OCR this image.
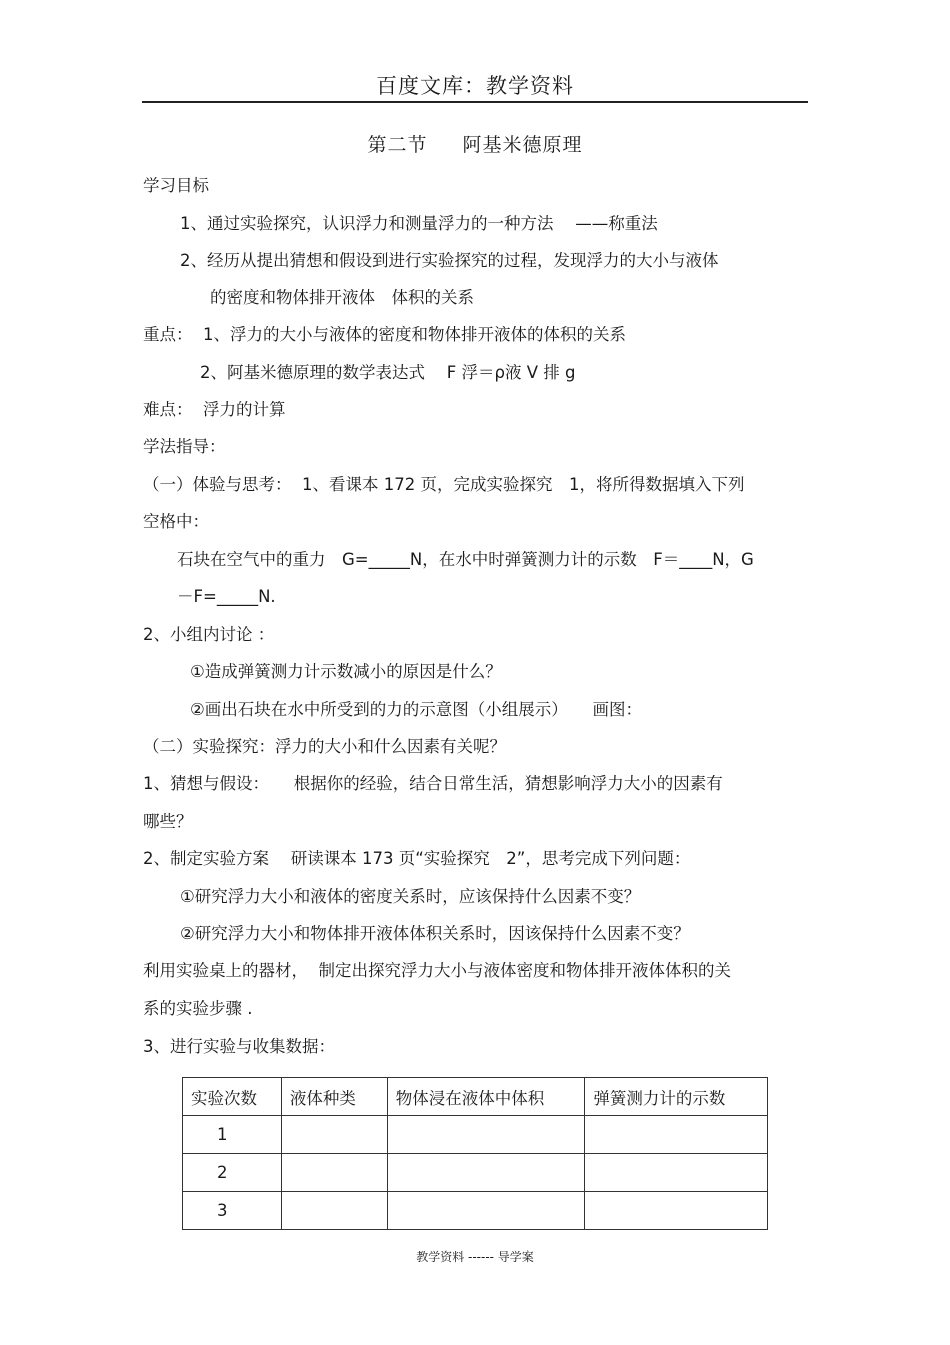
百度文库：教学资料
第二节 阿基米德原理
学习目标
1、通过实验探究，认识浮力和测量浮力的一种方法　 ——称重法
2、经历从提出猜想和假设到进行实验探究的过程，发现浮力的大小与液体
的密度和物体排开液体　体积的关系
重点：  1、浮力的大小与液体的密度和物体排开液体的体积的关系
2、阿基米德原理的数学表达式　 F 浮＝ρ液 V 排 g
难点：  浮力的计算
学法指导：
（一）体验与思考：  1、看课本 172 页，完成实验探究　1，将所得数据填入下列
空格中：
石块在空气中的重力　G=_____N，在水中时弹簧测力计的示数　F＝____N，G
－F=_____N.
2、小组内讨论 ：
①造成弹簧测力计示数减小的原因是什么？
②画出石块在水中所受到的力的示意图（小组展示）　　画图：
（二）实验探究：浮力的大小和什么因素有关呢？
1、猜想与假设：　　根据你的经验，结合日常生活，猜想影响浮力大小的因素有
哪些？
2、制定实验方案　 研读课本 173 页“实验探究　2”，思考完成下列问题：
①研究浮力大小和液体的密度关系时，应该保持什么因素不变？
②研究浮力大小和物体排开液体体积关系时，因该保持什么因素不变？
利用实验桌上的器材，  制定出探究浮力大小与液体密度和物体排开液体体积的关
系的实验步骤 .
3、进行实验与收集数据：
实验次数	液体种类	物体浸在液体中体积	弹簧测力计的示数
1			
2			
3			
教学资料 ------ 导学案
